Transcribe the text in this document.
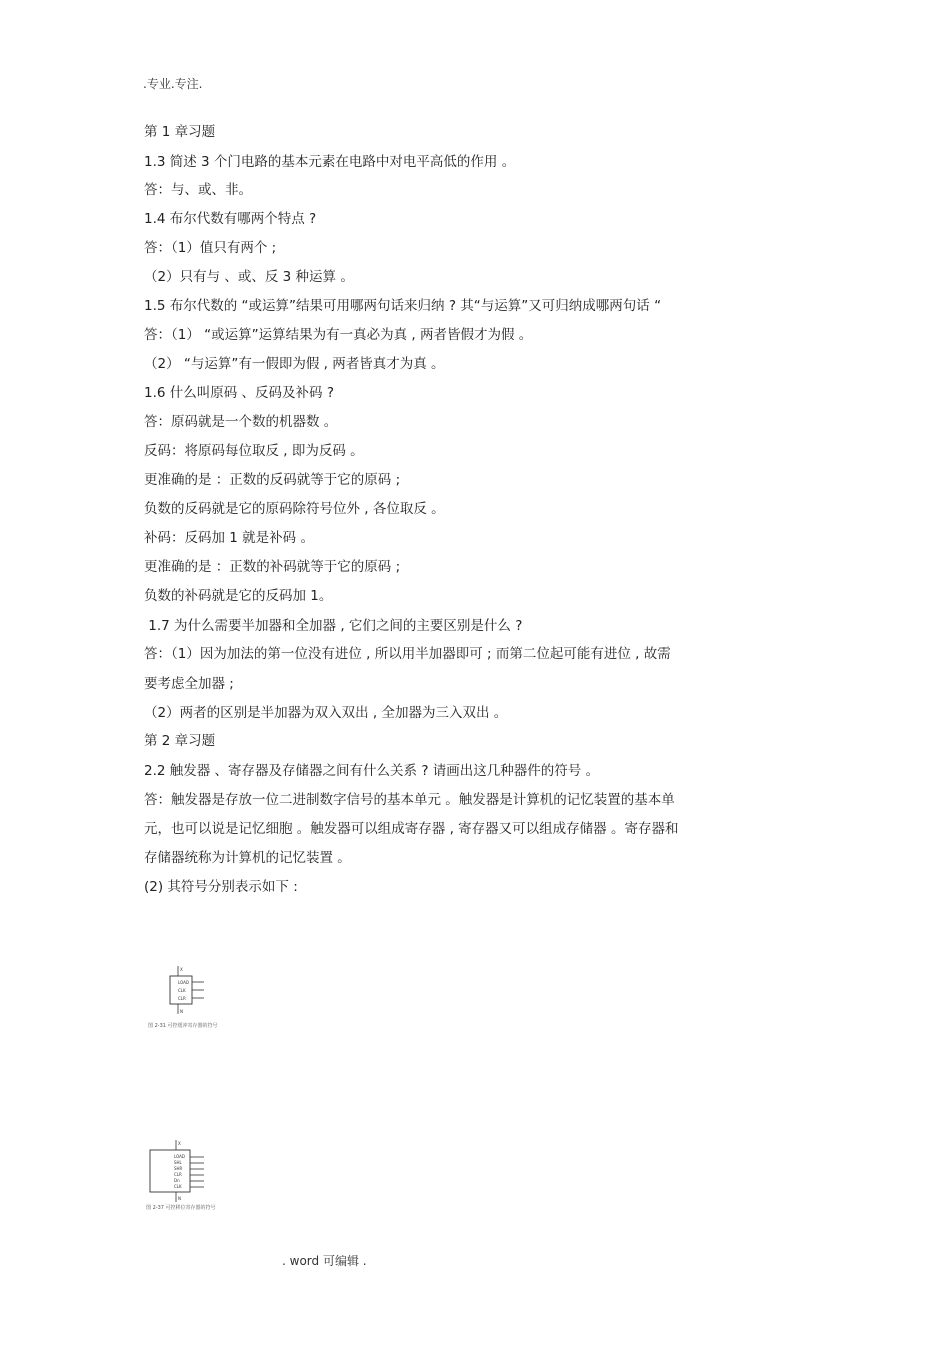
.专业.专注.
第 1 章习题
1.3 简述 3 个门电路的基本元素在电路中对电平高低的作用 。
答：与、或、非。
1.4 布尔代数有哪两个特点 ?
答：（1）值只有两个 ;
（2）只有与 、或、反 3 种运算 。
1.5 布尔代数的 “或运算”结果可用哪两句话来归纳 ? 其“与运算”又可归纳成哪两句话 “
答：（1） “或运算”运算结果为有一真必为真 , 两者皆假才为假 。
（2） “与运算”有一假即为假 , 两者皆真才为真 。
1.6 什么叫原码 、反码及补码 ?
答：原码就是一个数的机器数 。
反码：将原码每位取反 , 即为反码 。
更准确的是 ：正数的反码就等于它的原码 ;
负数的反码就是它的原码除符号位外 , 各位取反 。
补码：反码加 1 就是补码 。
更准确的是 ：正数的补码就等于它的原码 ;
负数的补码就是它的反码加 1。
1.7 为什么需要半加器和全加器 , 它们之间的主要区别是什么 ?
答：（1）因为加法的第一位没有进位 , 所以用半加器即可 ; 而第二位起可能有进位 , 故需
要考虑全加器 ;
（2）两者的区别是半加器为双入双出 , 全加器为三入双出 。
第 2 章习题
2.2 触发器 、寄存器及存储器之间有什么关系 ? 请画出这几种器件的符号 。
答：触发器是存放一位二进制数字信号的基本单元 。触发器是计算机的记忆装置的基本单
元，也可以说是记忆细胞 。触发器可以组成寄存器 , 寄存器又可以组成存储器 。寄存器和
存储器统称为计算机的记忆装置 。
(2) 其符号分别表示如下 :
X
N
LOAD
CLK
CLR
图 2-31 可控缓冲寄存器的符号
X
N
LOAD
SHL
SHR
CLR
Dn
CLK
图 2-37 可控移位寄存器的符号
. word 可编辑 .
